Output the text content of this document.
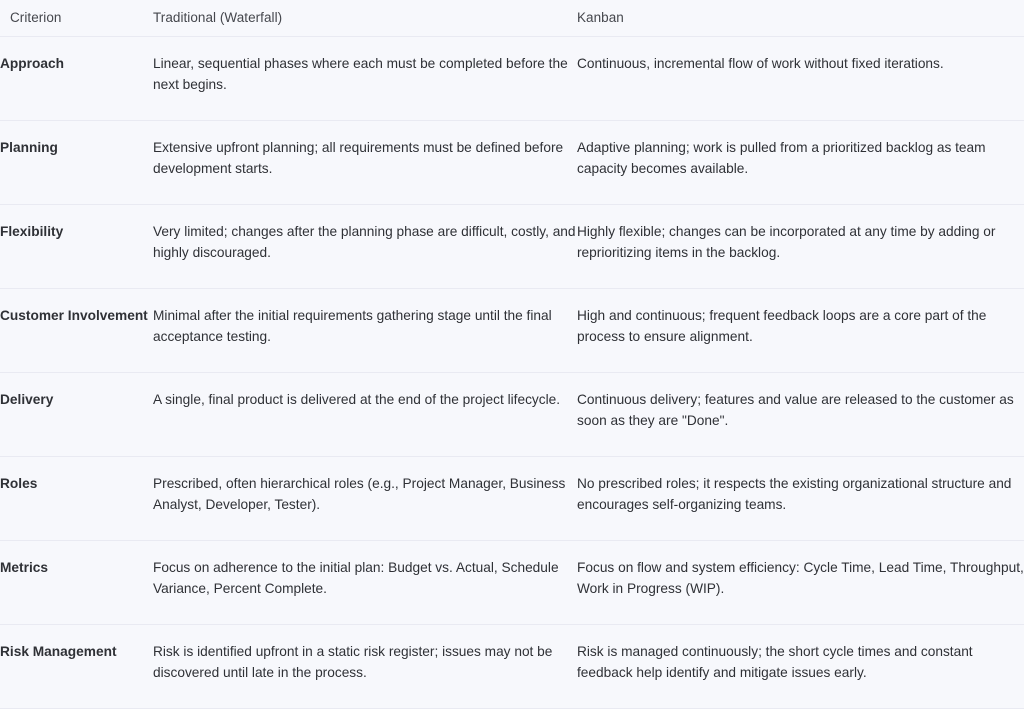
Criterion	Traditional (Waterfall)	Kanban

Approach	Linear, sequential phases where each must be completed before the next begins.	Continuous, incremental flow of work without fixed iterations.

Planning	Extensive upfront planning; all requirements must be defined before development starts.	Adaptive planning; work is pulled from a prioritized backlog as team capacity becomes available.

Flexibility	Very limited; changes after the planning phase are difficult, costly, and highly discouraged.	Highly flexible; changes can be incorporated at any time by adding or reprioritizing items in the backlog.

Customer Involvement	Minimal after the initial requirements gathering stage until the final acceptance testing.	High and continuous; frequent feedback loops are a core part of the process to ensure alignment.

Delivery	A single, final product is delivered at the end of the project lifecycle.	Continuous delivery; features and value are released to the customer as soon as they are "Done".

Roles	Prescribed, often hierarchical roles (e.g., Project Manager, Business Analyst, Developer, Tester).	No prescribed roles; it respects the existing organizational structure and encourages self-organizing teams.

Metrics	Focus on adherence to the initial plan: Budget vs. Actual, Schedule Variance, Percent Complete.	Focus on flow and system efficiency: Cycle Time, Lead Time, Throughput, Work in Progress (WIP).

Risk Management	Risk is identified upfront in a static risk register; issues may not be discovered until late in the process.	Risk is managed continuously; the short cycle times and constant feedback help identify and mitigate issues early.
